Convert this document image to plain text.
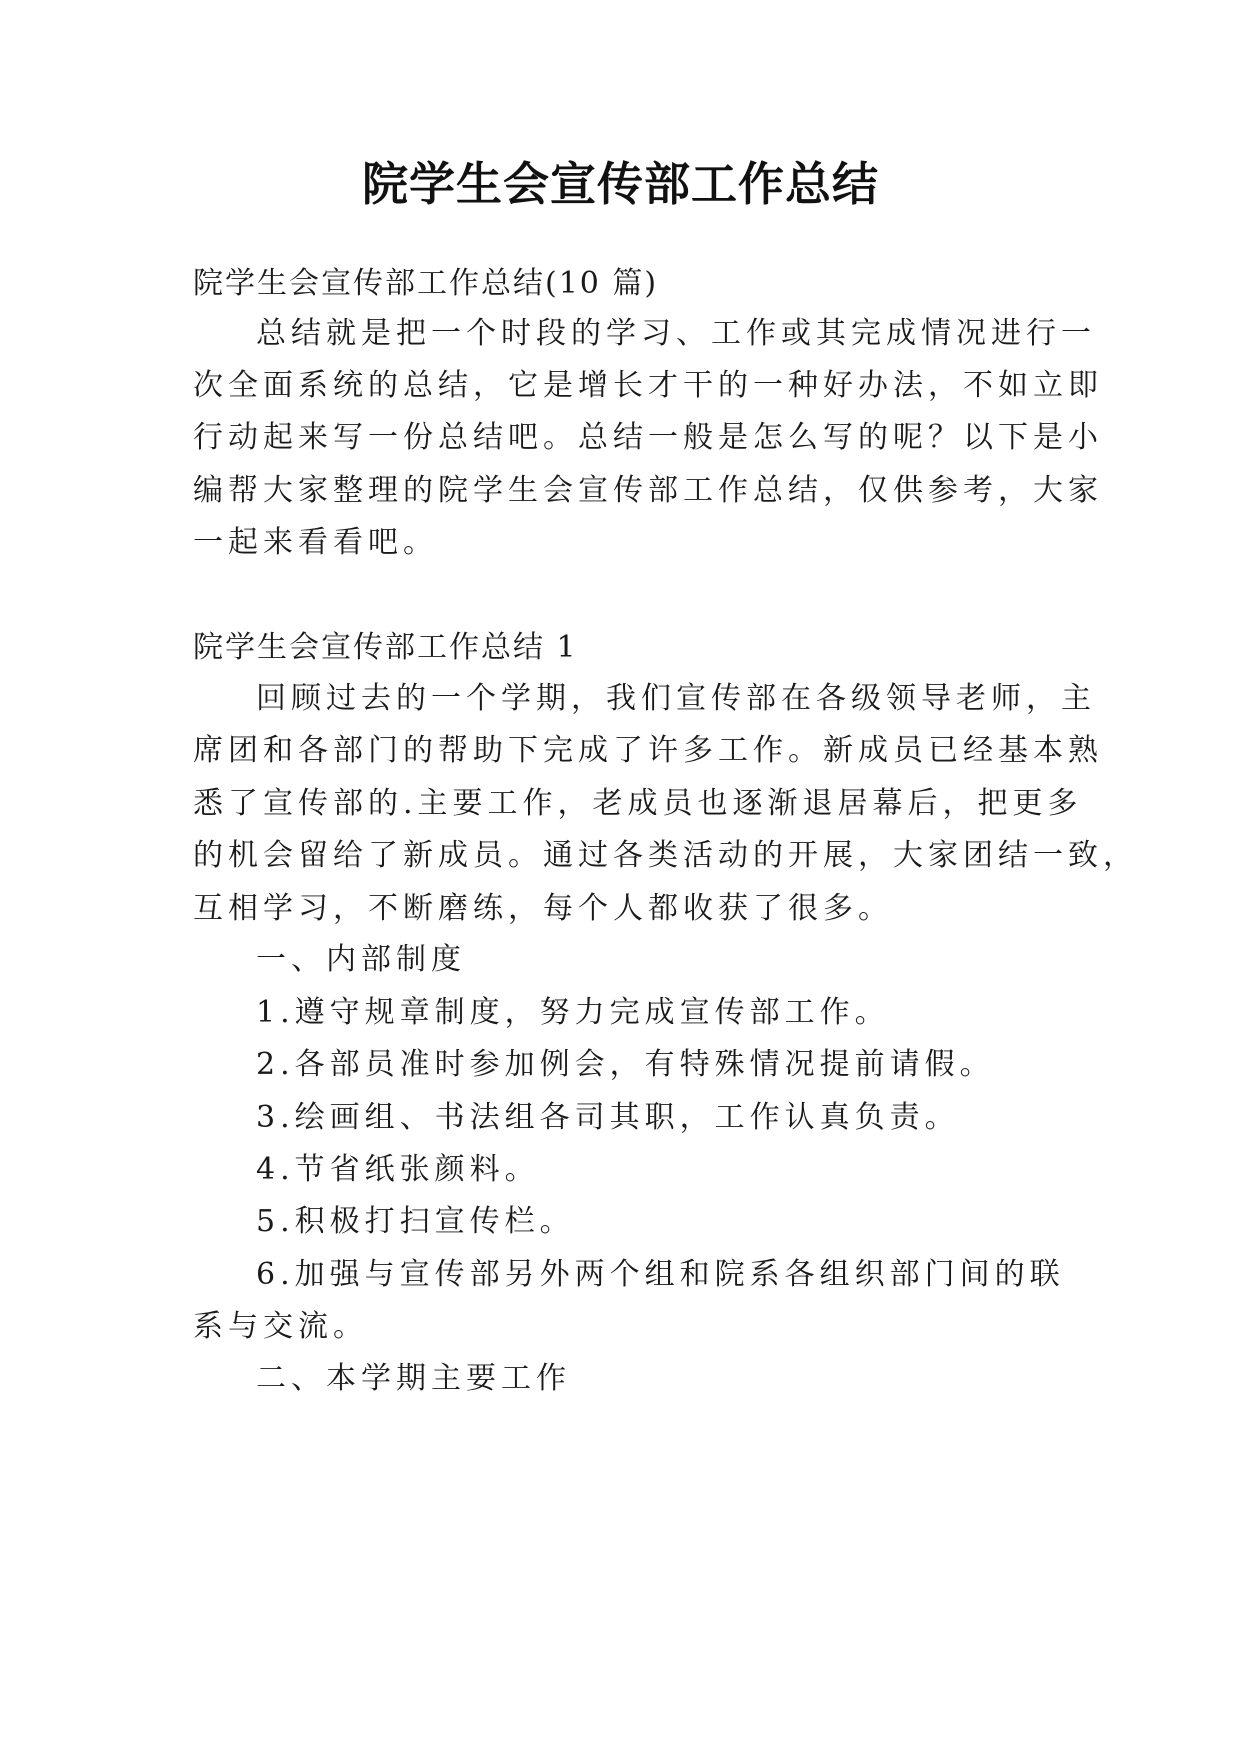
院学生会宣传部工作总结
院学生会宣传部工作总结(10 篇)
总结就是把一个时段的学习、工作或其完成情况进行一
次全面系统的总结，它是增长才干的一种好办法，不如立即
行动起来写一份总结吧。总结一般是怎么写的呢？以下是小
编帮大家整理的院学生会宣传部工作总结，仅供参考，大家
一起来看看吧。
院学生会宣传部工作总结 1
回顾过去的一个学期，我们宣传部在各级领导老师，主
席团和各部门的帮助下完成了许多工作。新成员已经基本熟
悉了宣传部的.主要工作，老成员也逐渐退居幕后，把更多
的机会留给了新成员。通过各类活动的开展，大家团结一致，
互相学习，不断磨练，每个人都收获了很多。
一、内部制度
1.遵守规章制度，努力完成宣传部工作。
2.各部员准时参加例会，有特殊情况提前请假。
3.绘画组、书法组各司其职，工作认真负责。
4.节省纸张颜料。
5.积极打扫宣传栏。
6.加强与宣传部另外两个组和院系各组织部门间的联
系与交流。
二、本学期主要工作
